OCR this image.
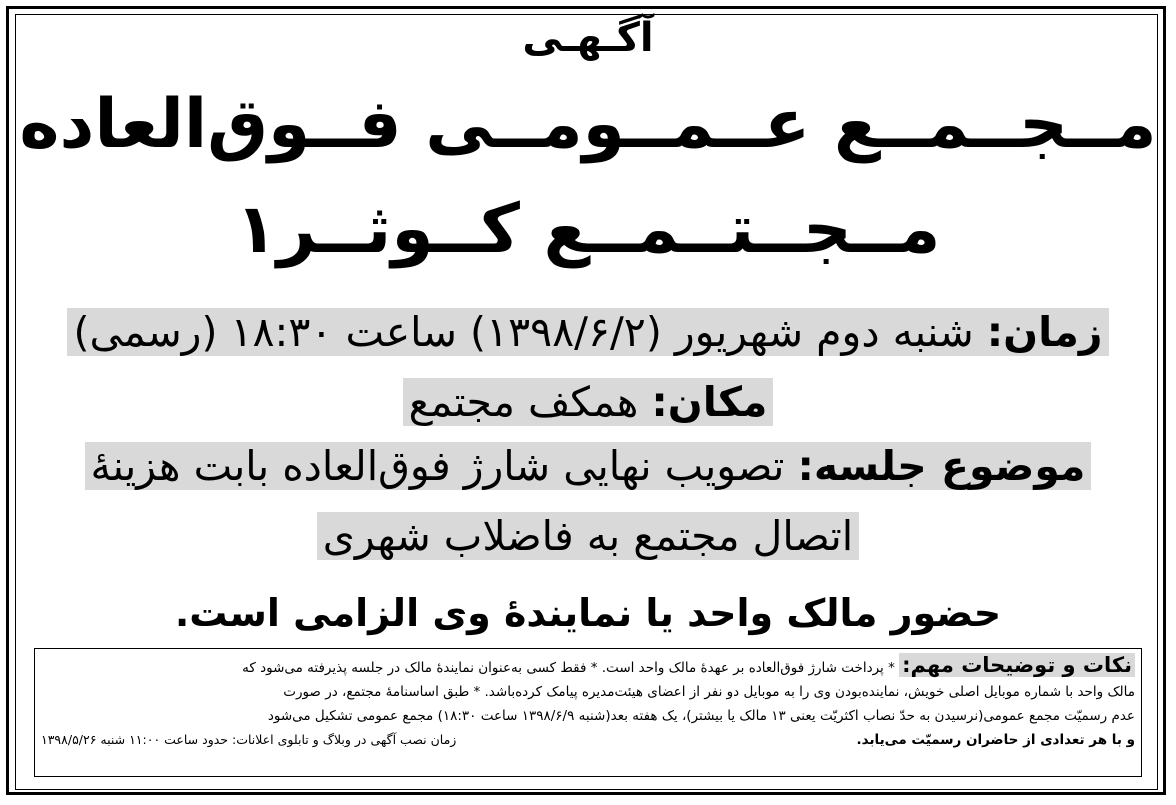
آگـهـی
مــجــمــع عــمــومــی فــوق‌العاده
مــجــتــمــع کــوثــر۱
زمان: شنبه دوم شهریور (۱۳۹۸/۶/۲) ساعت ۱۸:۳۰ (رسمی)
مکان: همکف مجتمع
موضوع جلسه: تصویب نهایی شارژ فوق‌العاده بابت هزینهٔ
اتصال مجتمع به فاضلاب شهری
حضور مالک واحد یا نمایندهٔ وی الزامی است.
نکات و توضیحات مهم: * پرداخت شارژ فوق‌العاده بر عهدهٔ مالک واحد است. * فقط کسی به‌عنوان نمایندهٔ مالک در جلسه پذیرفته می‌شود که
مالک واحد با شماره موبایل اصلی خویش، نماینده‌بودن وی را به موبایل دو نفر از اعضای هیئت‌مدیره پیامک کرده‌باشد. * طبق اساسنامهٔ مجتمع، در صورت
عدم رسمیّت مجمع عمومی(نرسیدن به حدّ نصاب اکثریّت یعنی ۱۳ مالک یا بیشتر)، یک هفته بعد(شنبه ۱۳۹۸/۶/۹ ساعت ۱۸:۳۰) مجمع عمومی تشکیل می‌شود
و با هر تعدادی از حاضران رسمیّت می‌یابد.
زمان نصب آگهی در وبلاگ و تابلوی اعلانات: حدود ساعت ۱۱:۰۰ شنبه ۱۳۹۸/۵/۲۶
